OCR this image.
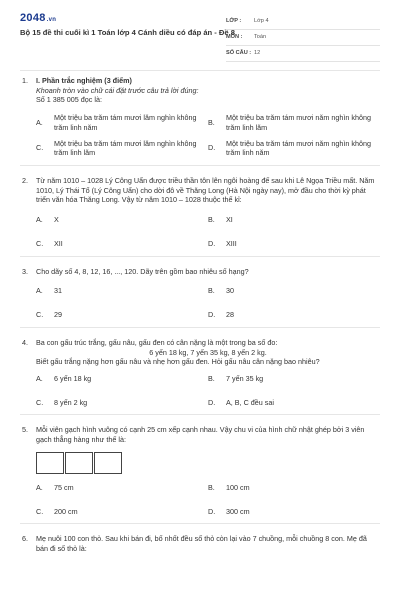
2048.vn
Bộ 15 đề thi cuối kì 1 Toán lớp 4 Cánh diều có đáp án - Đề 8
LỚP :	Lớp 4
MÔN :	Toán
SỐ CÂU : 12
1. I. Phần trắc nghiệm (3 điểm)
Khoanh tròn vào chữ cái đặt trước câu trả lời đúng:
Số 1 385 005 đọc là:
A.
Một triệu ba trăm tám mươi lăm nghìn không trăm linh năm
B.
Một triệu ba trăm tám mươi năm nghìn không trăm linh lăm
C.
Một triệu ba trăm tám mươi lăm nghìn không trăm linh lăm
D.
Một triệu ba trăm tám mươi năm nghìn không trăm linh năm
2. Từ năm 1010 – 1028 Lý Công Uẩn được triều thần tôn lên ngôi hoàng đế sau khi Lê Ngọa Triều mất. Năm 1010, Lý Thái Tổ (Lý Công Uẩn) cho dời đô về Thăng Long (Hà Nội ngày nay), mở đầu cho thời kỳ phát triển văn hóa Thăng Long. Vậy từ năm 1010 – 1028 thuộc thế kỉ:
A.	X	B.	XI
C.	XII	D.	XIII
3. Cho dãy số 4, 8, 12, 16, ..., 120. Dãy trên gồm bao nhiêu số hạng?
A.	31	B.	30
C.	29	D.	28
4. Ba con gấu trúc trắng, gấu nâu, gấu đen có cân nặng là một trong ba số đo:
6 yến 18 kg, 7 yến 35 kg, 8 yến 2 kg.
Biết gấu trắng nặng hơn gấu nâu và nhẹ hơn gấu đen. Hỏi gấu nâu cân nặng bao nhiêu?
A.	6 yến 18 kg	B.	7 yến 35 kg
C.	8 yến 2 kg	D.	A, B, C đều sai
5. Mỗi viên gạch hình vuông có cạnh 25 cm xếp cạnh nhau. Vậy chu vi của hình chữ nhật ghép bởi 3 viên gạch thẳng hàng như thế là:
A.	75 cm	B.	100 cm
C.	200 cm	D.	300 cm
6. Mẹ nuôi 100 con thỏ. Sau khi bán đi, bố nhốt đều số thỏ còn lại vào 7 chuồng, mỗi chuồng 8 con. Mẹ đã bán đi số thỏ là:
